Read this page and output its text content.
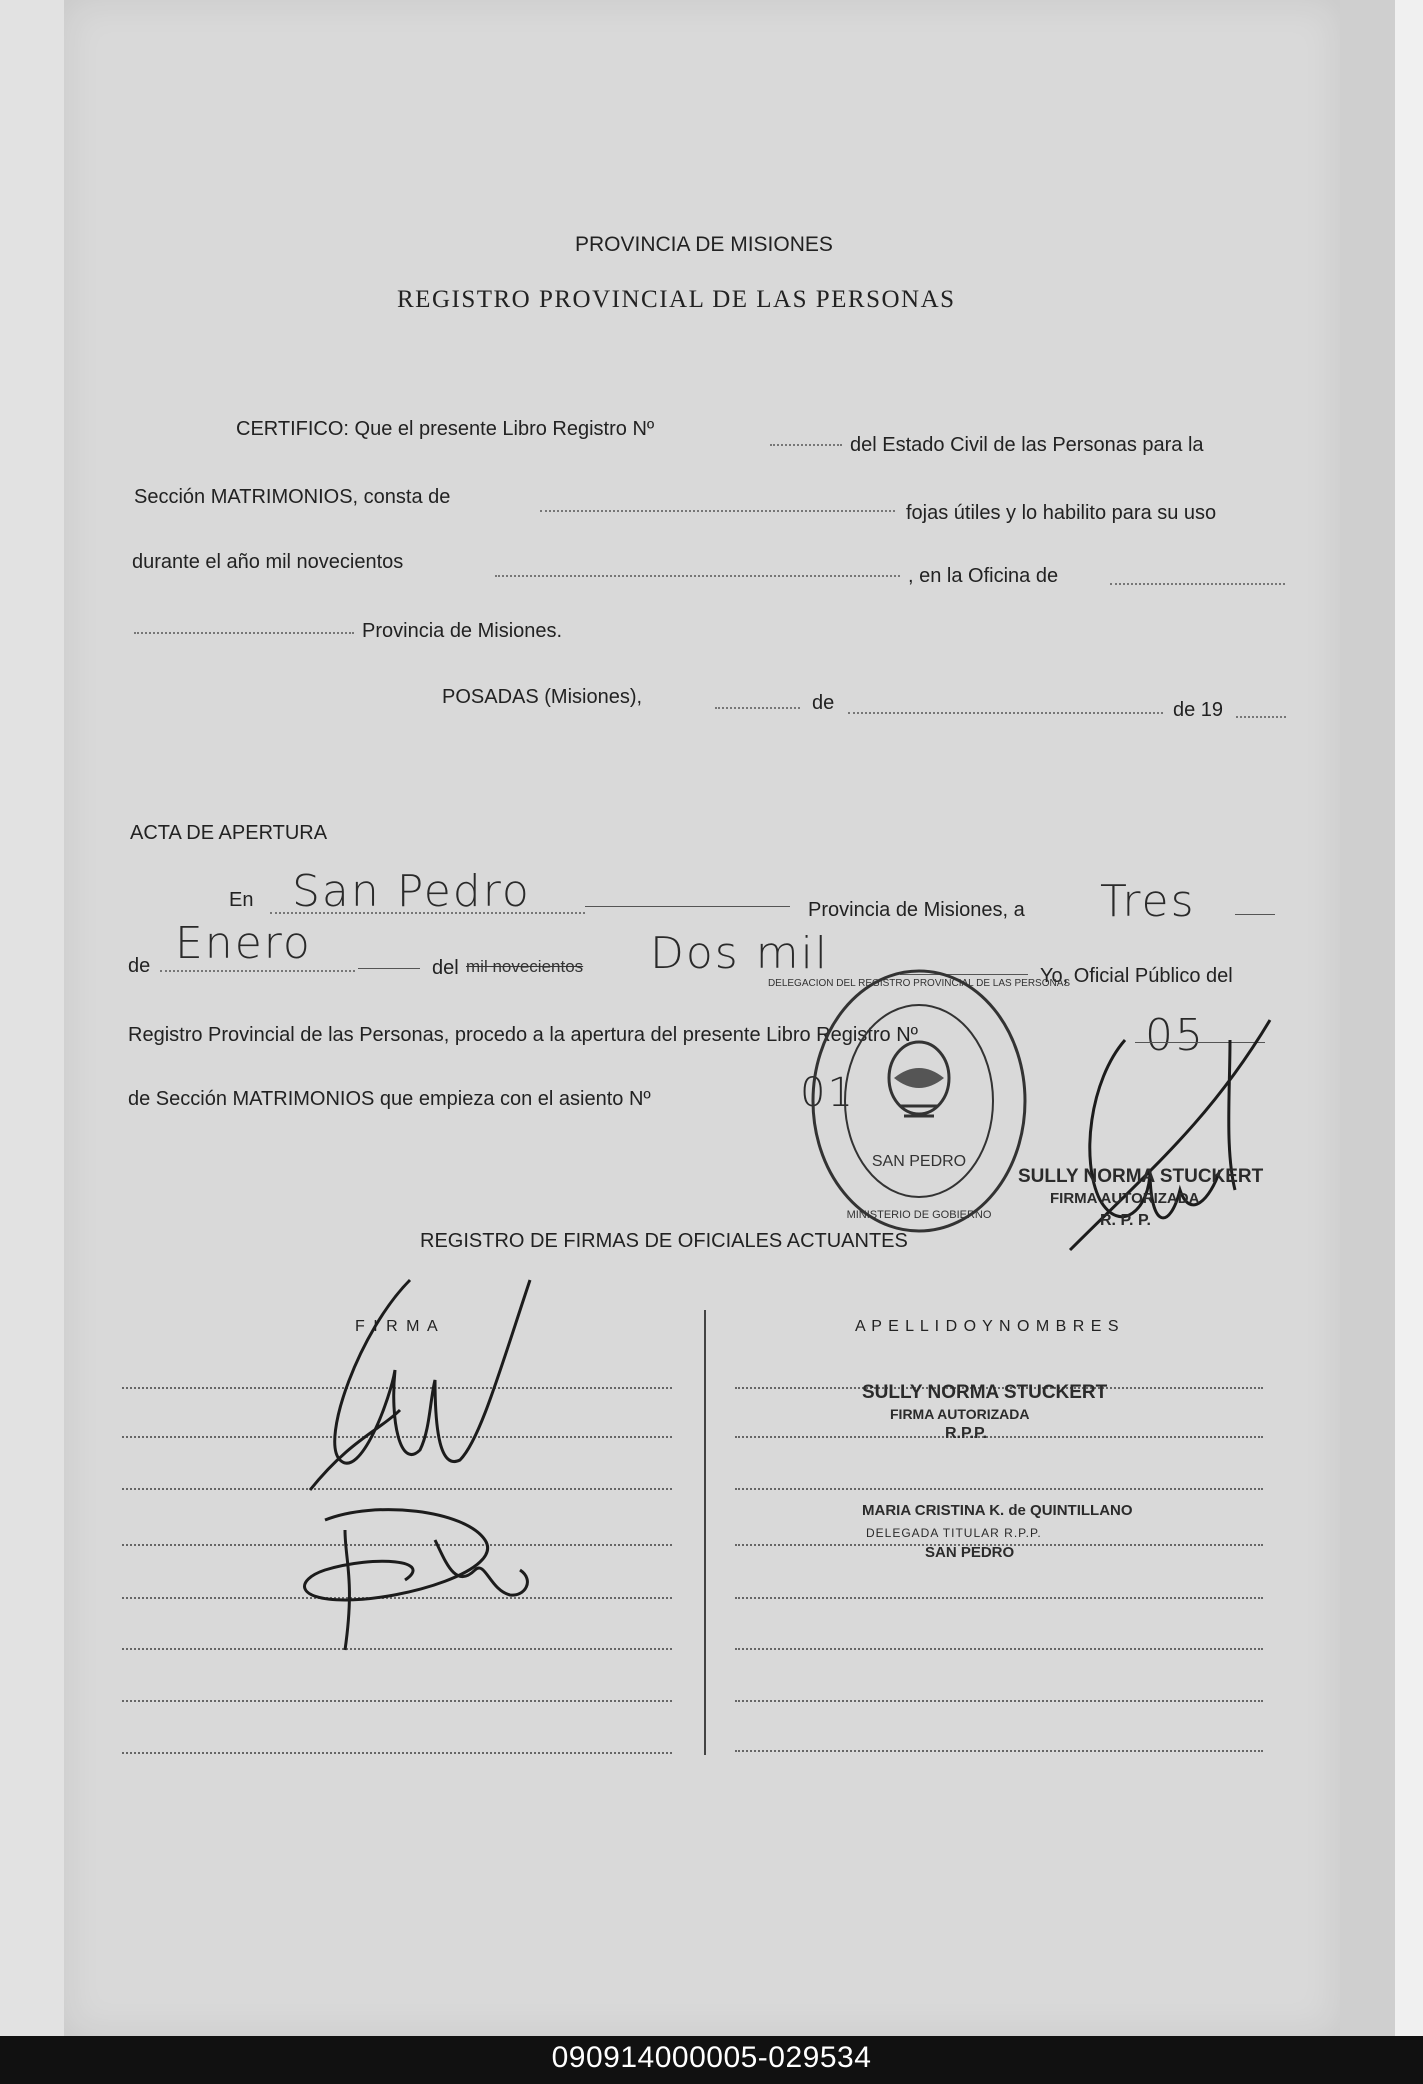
PROVINCIA DE MISIONES
REGISTRO PROVINCIAL DE LAS PERSONAS
CERTIFICO: Que el presente Libro Registro Nº
del Estado Civil de las Personas para la
Sección MATRIMONIOS, consta de
fojas útiles y lo habilito para su uso
durante el año mil novecientos
, en la Oficina de
Provincia de Misiones.
POSADAS (Misiones),	de	de 19
ACTA DE APERTURA
En San Pedro	Provincia de Misiones, a Tres
de Enero	del mil novecientos Dos mil	Yo, Oficial Público del
Registro Provincial de las Personas, procedo a la apertura del presente Libro Registro Nº	05
de Sección MATRIMONIOS que empieza con el asiento Nº	01
SAN PEDRO
MINISTERIO DE GOBIERNO
DELEGACION DEL REGISTRO PROVINCIAL DE LAS PERSONAS
SULLY NORMA STUCKERT
FIRMA AUTORIZADA
R. P. P.
REGISTRO DE FIRMAS DE OFICIALES ACTUANTES
F I R M A	A P E L L I D O Y N O M B R E S
SULLY NORMA STUCKERT
FIRMA AUTORIZADA
R.P.P.
MARIA CRISTINA K. de QUINTILLANO
DELEGADA TITULAR R.P.P.
SAN PEDRO
090914000005-029534
